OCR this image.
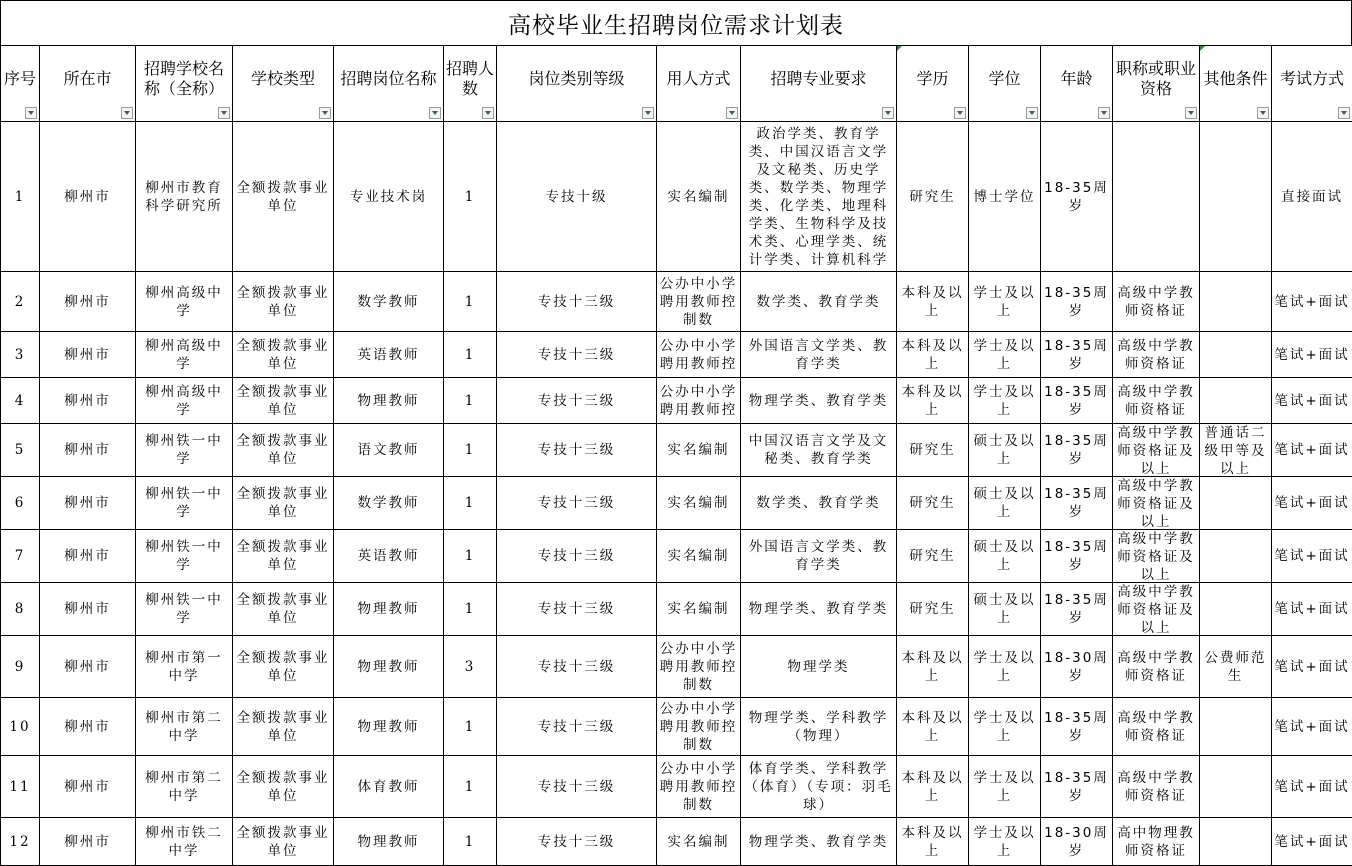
高校毕业生招聘岗位需求计划表
序号	所在市	招聘学校名称（全称）	学校类型	招聘岗位名称	招聘人数	岗位类别等级	用人方式	招聘专业要求	学历	学位	年龄	职称或职业资格	其他条件	考试方式

1	柳州市	柳州市教育科学研究所	全额拨款事业单位	专业技术岗	1	专技十级	实名编制	政治学类、教育学类、中国汉语言文学及文秘类、历史学类、数学类、物理学类、化学类、地理科学类、生物科学及技术类、心理学类、统计学类、计算机科学	研究生	博士学位	18-35周岁			直接面试

2	柳州市	柳州高级中学	全额拨款事业单位	数学教师	1	专技十三级	公办中小学聘用教师控制数	数学类、教育学类	本科及以上	学士及以上	18-35周岁	高级中学教师资格证		笔试+面试

3	柳州市	柳州高级中学	全额拨款事业单位	英语教师	1	专技十三级	公办中小学聘用教师控	外国语言文学类、教育学类	本科及以上	学士及以上	18-35周岁	高级中学教师资格证		笔试+面试

4	柳州市	柳州高级中学	全额拨款事业单位	物理教师	1	专技十三级	公办中小学聘用教师控	物理学类、教育学类	本科及以上	学士及以上	18-35周岁	高级中学教师资格证		笔试+面试

5	柳州市	柳州铁一中学	全额拨款事业单位	语文教师	1	专技十三级	实名编制	中国汉语言文学及文秘类、教育学类	研究生	硕士及以上	18-35周岁	高级中学教师资格证及以上	普通话二级甲等及以上	笔试+面试

6	柳州市	柳州铁一中学	全额拨款事业单位	数学教师	1	专技十三级	实名编制	数学类、教育学类	研究生	硕士及以上	18-35周岁	高级中学教师资格证及以上		笔试+面试

7	柳州市	柳州铁一中学	全额拨款事业单位	英语教师	1	专技十三级	实名编制	外国语言文学类、教育学类	研究生	硕士及以上	18-35周岁	高级中学教师资格证及以上		笔试+面试

8	柳州市	柳州铁一中学	全额拨款事业单位	物理教师	1	专技十三级	实名编制	物理学类、教育学类	研究生	硕士及以上	18-35周岁	高级中学教师资格证及以上		笔试+面试

9	柳州市	柳州市第一中学	全额拨款事业单位	物理教师	3	专技十三级	公办中小学聘用教师控制数	物理学类	本科及以上	学士及以上	18-30周岁	高级中学教师资格证	公费师范生	笔试+面试

10	柳州市	柳州市第二中学	全额拨款事业单位	物理教师	1	专技十三级	公办中小学聘用教师控制数	物理学类、学科教学（物理）	本科及以上	学士及以上	18-35周岁	高级中学教师资格证		笔试+面试

11	柳州市	柳州市第二中学	全额拨款事业单位	体育教师	1	专技十三级	公办中小学聘用教师控制数	体育学类、学科教学（体育）（专项：羽毛球）	本科及以上	学士及以上	18-35周岁	高级中学教师资格证		笔试+面试

12	柳州市	柳州市铁二中学	全额拨款事业单位	物理教师	1	专技十三级	实名编制	物理学类、教育学类	本科及以上	学士及以上	18-30周岁	高中物理教师资格证		笔试+面试
